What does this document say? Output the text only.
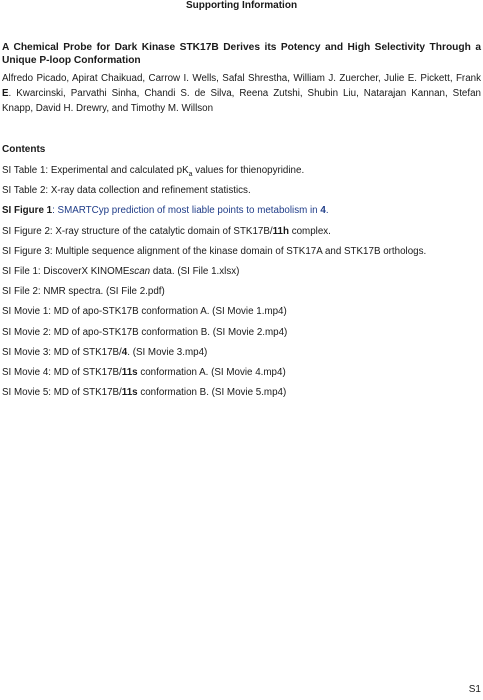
Supporting Information
A Chemical Probe for Dark Kinase STK17B Derives its Potency and High Selectivity Through a Unique P-loop Conformation
Alfredo Picado, Apirat Chaikuad, Carrow I. Wells, Safal Shrestha, William J. Zuercher, Julie E. Pickett, Frank E. Kwarcinski, Parvathi Sinha, Chandi S. de Silva, Reena Zutshi, Shubin Liu, Natarajan Kannan, Stefan Knapp, David H. Drewry, and Timothy M. Willson
Contents
SI Table 1: Experimental and calculated $pK_a$ values for thienopyridine.
SI Table 2: X-ray data collection and refinement statistics.
SI Figure 1: SMARTCyp prediction of most liable points to metabolism in 4.
SI Figure 2: X-ray structure of the catalytic domain of STK17B/11h complex.
SI Figure 3: Multiple sequence alignment of the kinase domain of STK17A and STK17B orthologs.
SI File 1: DiscoverX KINOMEscan data. (SI File 1.xlsx)
SI File 2: NMR spectra. (SI File 2.pdf)
SI Movie 1: MD of apo-STK17B conformation A. (SI Movie 1.mp4)
SI Movie 2: MD of apo-STK17B conformation B. (SI Movie 2.mp4)
SI Movie 3: MD of STK17B/4. (SI Movie 3.mp4)
SI Movie 4: MD of STK17B/11s conformation A. (SI Movie 4.mp4)
SI Movie 5: MD of STK17B/11s conformation B. (SI Movie 5.mp4)
S1
